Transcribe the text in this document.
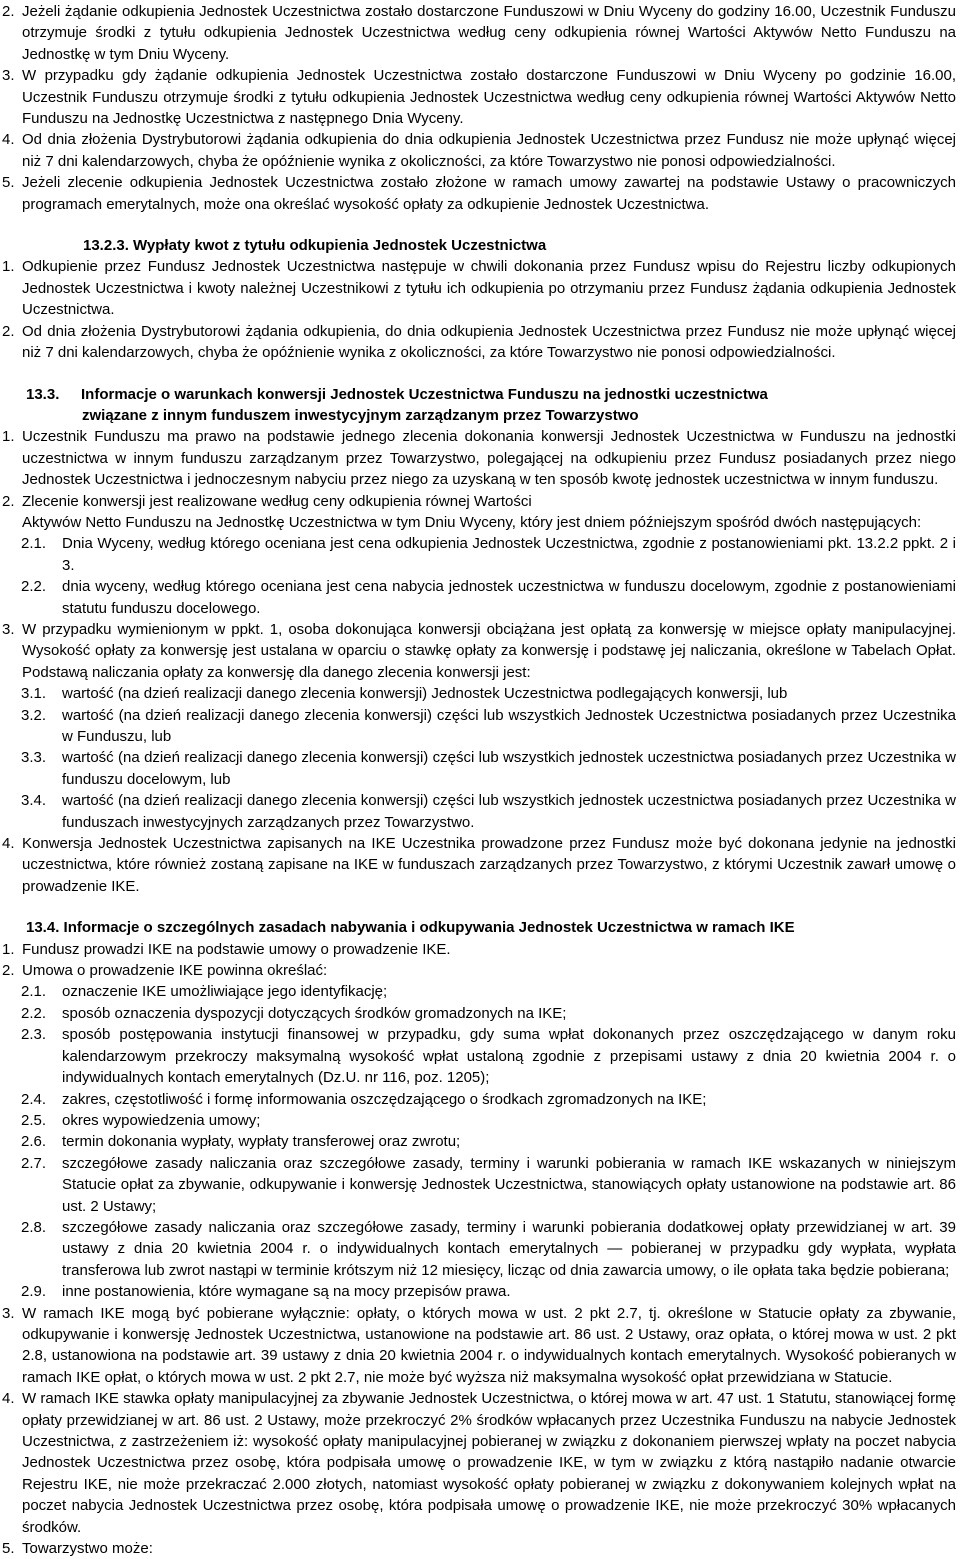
2. Jeżeli żądanie odkupienia Jednostek Uczestnictwa zostało dostarczone Funduszowi w Dniu Wyceny do godziny 16.00, Uczestnik Funduszu otrzymuje środki z tytułu odkupienia Jednostek Uczestnictwa według ceny odkupienia równej Wartości Aktywów Netto Funduszu na Jednostkę w tym Dniu Wyceny.
3. W przypadku gdy żądanie odkupienia Jednostek Uczestnictwa zostało dostarczone Funduszowi w Dniu Wyceny po godzinie 16.00, Uczestnik Funduszu otrzymuje środki z tytułu odkupienia Jednostek Uczestnictwa według ceny odkupienia równej Wartości Aktywów Netto Funduszu na Jednostkę Uczestnictwa z następnego Dnia Wyceny.
4. Od dnia złożenia Dystrybutorowi żądania odkupienia do dnia odkupienia Jednostek Uczestnictwa przez Fundusz nie może upłynąć więcej niż 7 dni kalendarzowych, chyba że opóźnienie wynika z okoliczności, za które Towarzystwo nie ponosi odpowiedzialności.
5. Jeżeli zlecenie odkupienia Jednostek Uczestnictwa zostało złożone w ramach umowy zawartej na podstawie Ustawy o pracowniczych programach emerytalnych, może ona określać wysokość opłaty za odkupienie Jednostek Uczestnictwa.
13.2.3. Wypłaty kwot z tytułu odkupienia Jednostek Uczestnictwa
1. Odkupienie przez Fundusz Jednostek Uczestnictwa następuje w chwili dokonania przez Fundusz wpisu do Rejestru liczby odkupionych Jednostek Uczestnictwa i kwoty należnej Uczestnikowi z tytułu ich odkupienia po otrzymaniu przez Fundusz żądania odkupienia Jednostek Uczestnictwa.
2. Od dnia złożenia Dystrybutorowi żądania odkupienia, do dnia odkupienia Jednostek Uczestnictwa przez Fundusz nie może upłynąć więcej niż 7 dni kalendarzowych, chyba że opóźnienie wynika z okoliczności, za które Towarzystwo nie ponosi odpowiedzialności.
13.3.	Informacje o warunkach konwersji Jednostek Uczestnictwa Funduszu na jednostki uczestnictwa
związane z innym funduszem inwestycyjnym zarządzanym przez Towarzystwo
1. Uczestnik Funduszu ma prawo na podstawie jednego zlecenia dokonania konwersji Jednostek Uczestnictwa w Funduszu na jednostki uczestnictwa w innym funduszu zarządzanym przez Towarzystwo, polegającej na odkupieniu przez Fundusz posiadanych przez niego Jednostek Uczestnictwa i jednoczesnym nabyciu przez niego za uzyskaną w ten sposób kwotę jednostek uczestnictwa w innym funduszu.
2. Zlecenie konwersji jest realizowane według ceny odkupienia równej Wartości
Aktywów Netto Funduszu na Jednostkę Uczestnictwa w tym Dniu Wyceny, który jest dniem późniejszym spośród dwóch następujących:
2.1.	Dnia Wyceny, według którego oceniana jest cena odkupienia Jednostek Uczestnictwa, zgodnie z postanowieniami pkt. 13.2.2 ppkt. 2 i 3.
2.2.	dnia wyceny, według którego oceniana jest cena nabycia jednostek uczestnictwa w funduszu docelowym, zgodnie z postanowieniami statutu funduszu docelowego.
3. W przypadku wymienionym w ppkt. 1, osoba dokonująca konwersji obciążana jest opłatą za konwersję w miejsce opłaty manipulacyjnej. Wysokość opłaty za konwersję jest ustalana w oparciu o stawkę opłaty za konwersję i podstawę jej naliczania, określone w Tabelach Opłat. Podstawą naliczania opłaty za konwersję dla danego zlecenia konwersji jest:
3.1.	wartość (na dzień realizacji danego zlecenia konwersji) Jednostek Uczestnictwa podlegających konwersji, lub
3.2.	wartość (na dzień realizacji danego zlecenia konwersji) części lub wszystkich Jednostek Uczestnictwa posiadanych przez Uczestnika w Funduszu, lub
3.3.	wartość (na dzień realizacji danego zlecenia konwersji) części lub wszystkich jednostek uczestnictwa posiadanych przez Uczestnika w funduszu docelowym, lub
3.4.	wartość (na dzień realizacji danego zlecenia konwersji) części lub wszystkich jednostek uczestnictwa posiadanych przez Uczestnika w funduszach inwestycyjnych zarządzanych przez Towarzystwo.
4. Konwersja Jednostek Uczestnictwa zapisanych na IKE Uczestnika prowadzone przez Fundusz może być dokonana jedynie na jednostki uczestnictwa, które również zostaną zapisane na IKE w funduszach zarządzanych przez Towarzystwo, z którymi Uczestnik zawarł umowę o prowadzenie IKE.
13.4. Informacje o szczególnych zasadach nabywania i odkupywania Jednostek Uczestnictwa w ramach IKE
1. Fundusz prowadzi IKE na podstawie umowy o prowadzenie IKE.
2. Umowa o prowadzenie IKE powinna określać:
2.1.	oznaczenie IKE umożliwiające jego identyfikację;
2.2.	sposób oznaczenia dyspozycji dotyczących środków gromadzonych na IKE;
2.3.	sposób postępowania instytucji finansowej w przypadku, gdy suma wpłat dokonanych przez oszczędzającego w danym roku kalendarzowym przekroczy maksymalną wysokość wpłat ustaloną zgodnie z przepisami ustawy z dnia 20 kwietnia 2004 r. o indywidualnych kontach emerytalnych (Dz.U. nr 116, poz. 1205);
2.4.	zakres, częstotliwość i formę informowania oszczędzającego o środkach zgromadzonych na IKE;
2.5.	okres wypowiedzenia umowy;
2.6.	termin dokonania wypłaty, wypłaty transferowej oraz zwrotu;
2.7.	szczegółowe zasady naliczania oraz szczegółowe zasady, terminy i warunki pobierania w ramach IKE wskazanych w niniejszym Statucie opłat za zbywanie, odkupywanie i konwersję Jednostek Uczestnictwa, stanowiących opłaty ustanowione na podstawie art. 86 ust. 2 Ustawy;
2.8.	szczegółowe zasady naliczania oraz szczegółowe zasady, terminy i warunki pobierania dodatkowej opłaty przewidzianej w art. 39 ustawy z dnia 20 kwietnia 2004 r. o indywidualnych kontach emerytalnych — pobieranej w przypadku gdy wypłata, wypłata transferowa lub zwrot nastąpi w terminie krótszym niż 12 miesięcy, licząc od dnia zawarcia umowy, o ile opłata taka będzie pobierana;
2.9.	inne postanowienia, które wymagane są na mocy przepisów prawa.
3. W ramach IKE mogą być pobierane wyłącznie: opłaty, o których mowa w ust. 2 pkt 2.7, tj. określone w Statucie opłaty za zbywanie, odkupywanie i konwersję Jednostek Uczestnictwa, ustanowione na podstawie art. 86 ust. 2 Ustawy, oraz opłata, o której mowa w ust. 2 pkt 2.8, ustanowiona na podstawie art. 39 ustawy z dnia 20 kwietnia 2004 r. o indywidualnych kontach emerytalnych. Wysokość pobieranych w ramach IKE opłat, o których mowa w ust. 2 pkt 2.7, nie może być wyższa niż maksymalna wysokość opłat przewidziana w Statucie.
4. W ramach IKE stawka opłaty manipulacyjnej za zbywanie Jednostek Uczestnictwa, o której mowa w art. 47 ust. 1 Statutu, stanowiącej formę opłaty przewidzianej w art. 86 ust. 2 Ustawy, może przekroczyć 2% środków wpłacanych przez Uczestnika Funduszu na nabycie Jednostek Uczestnictwa, z zastrzeżeniem iż: wysokość opłaty manipulacyjnej pobieranej w związku z dokonaniem pierwszej wpłaty na poczet nabycia Jednostek Uczestnictwa przez osobę, która podpisała umowę o prowadzenie IKE, w tym w związku z którą nastąpiło nadanie otwarcie Rejestru IKE, nie może przekraczać 2.000 złotych, natomiast wysokość opłaty pobieranej w związku z dokonywaniem kolejnych wpłat na poczet nabycia Jednostek Uczestnictwa przez osobę, która podpisała umowę o prowadzenie IKE, nie może przekroczyć 30% wpłacanych środków.
5. Towarzystwo może:
